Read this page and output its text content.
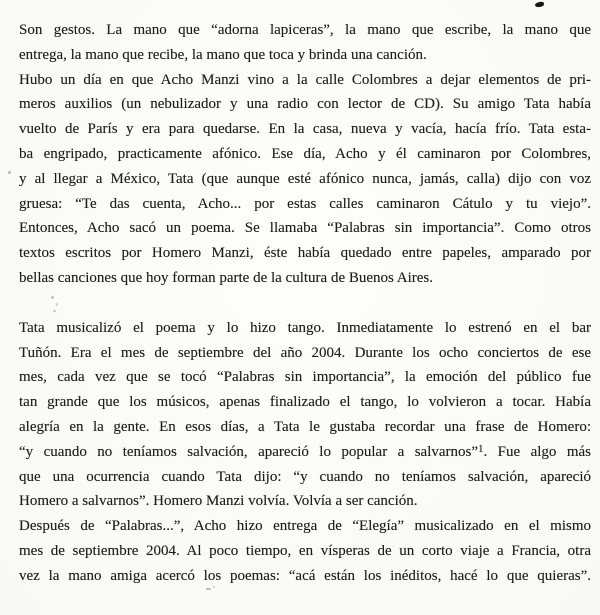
Son gestos. La mano que “adorna lapiceras”, la mano que escribe, la mano que
entrega, la mano que recibe, la mano que toca y brinda una canción.
Hubo un día en que Acho Manzi vino a la calle Colombres a dejar elementos de pri-
meros auxilios (un nebulizador y una radio con lector de CD). Su amigo Tata había
vuelto de París y era para quedarse. En la casa, nueva y vacía, hacía frío. Tata esta-
ba engripado, practicamente afónico. Ese día, Acho y él caminaron por Colombres,
y al llegar a México, Tata (que aunque esté afónico nunca, jamás, calla) dijo con voz
gruesa: “Te das cuenta, Acho... por estas calles caminaron Cátulo y tu viejo”.
Entonces, Acho sacó un poema. Se llamaba “Palabras sin importancia”. Como otros
textos escritos por Homero Manzi, éste había quedado entre papeles, amparado por
bellas canciones que hoy forman parte de la cultura de Buenos Aires.
Tata musicalizó el poema y lo hizo tango. Inmediatamente lo estrenó en el bar
Tuñón. Era el mes de septiembre del año 2004. Durante los ocho conciertos de ese
mes, cada vez que se tocó “Palabras sin importancia”, la emoción del público fue
tan grande que los músicos, apenas finalizado el tango, lo volvieron a tocar. Había
alegría en la gente. En esos días, a Tata le gustaba recordar una frase de Homero:
“y cuando no teníamos salvación, apareció lo popular a salvarnos”$^1$. Fue algo más
que una ocurrencia cuando Tata dijo: “y cuando no teníamos salvación, apareció
Homero a salvarnos”. Homero Manzi volvía. Volvía a ser canción.
Después de “Palabras...”, Acho hizo entrega de “Elegía” musicalizado en el mismo
mes de septiembre 2004. Al poco tiempo, en vísperas de un corto viaje a Francia, otra
vez la mano amiga acercó los poemas: “acá están los inéditos, hacé lo que quieras”.
